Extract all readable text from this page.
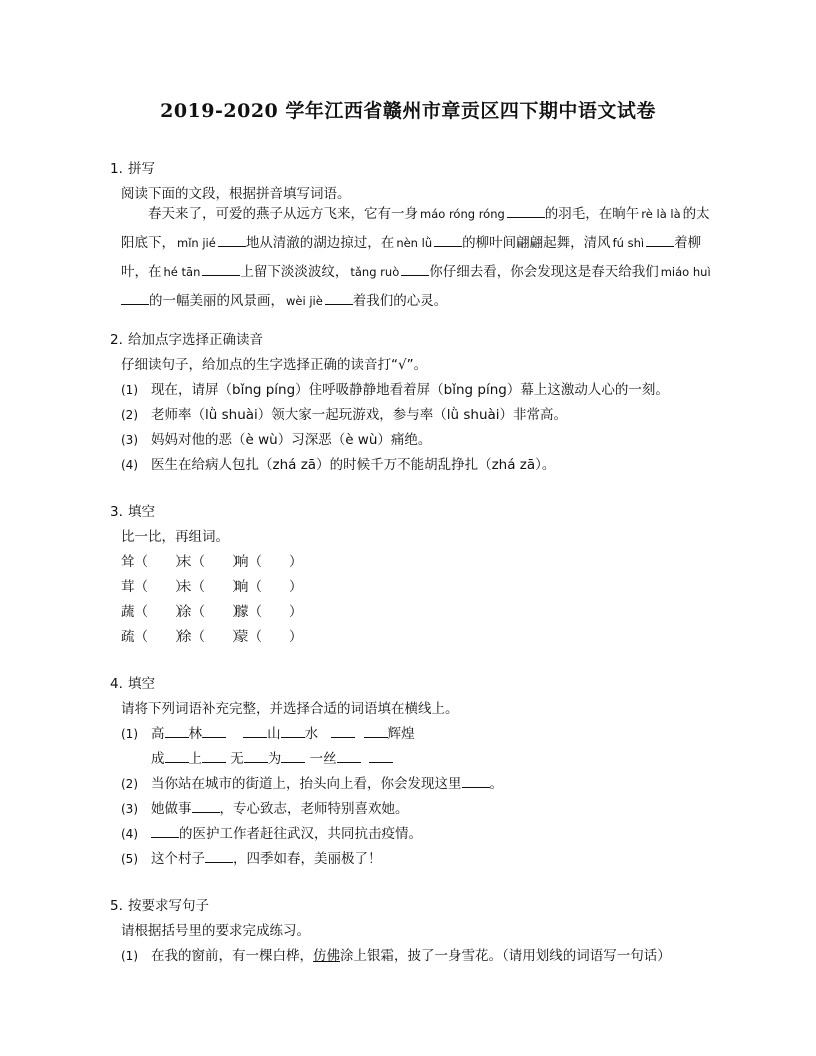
2019-2020 学年江西省赣州市章贡区四下期中语文试卷
1. 拼写
阅读下面的文段，根据拼音填写词语。
春天来了，可爱的燕子从远方飞来，它有一身 máo róng róng	的羽毛，在晌午 rè là là 的太阳底下， mǐn jié 地从清澈的湖边掠过，在 nèn lǜ 的柳叶间翩翩起舞，清风 fú shì 着柳叶，在 hé tān	上留下淡淡波纹， tǎng ruò 你仔细去看，你会发现这是春天给我们 miáo huì的一幅美丽的风景画， wèi jiè 着我们的心灵。
2. 给加点字选择正确读音
仔细读句子，给加点的生字选择正确的读音打“√”。
(1) 现在，请屏（bǐng píng）住呼吸静静地看着屏（bǐng píng）幕上这激动人心的一刻。
(2) 老师率（lǜ shuài）领大家一起玩游戏，参与率（lǜ shuài）非常高。
(3) 妈妈对他的恶（è wù）习深恶（è wù）痛绝。
(4) 医生在给病人包扎（zhá zā）的时候千万不能胡乱挣扎（zhá zā）。
3. 填空
比一比，再组词。
耸（　　）末（　　）响（　　）
茸（　　）未（　　）晌（　　）
蔬（　　）涂（　　）朦（　　）
疏（　　）徐（　　）蒙（　　）
4. 填空
请将下列词语补充完整，并选择合适的词语填在横线上。
(1) 高 林	山 水	辉煌
成 上 无 为 一丝
(2) 当你站在城市的街道上，抬头向上看，你会发现这里 。
(3) 她做事 ，专心致志，老师特别喜欢她。
(4)	的医护工作者赶往武汉，共同抗击疫情。
(5) 这个村子 ，四季如春，美丽极了！
5. 按要求写句子
请根据括号里的要求完成练习。
(1) 在我的窗前，有一棵白桦，仿佛涂上银霜，披了一身雪花。（请用划线的词语写一句话）
